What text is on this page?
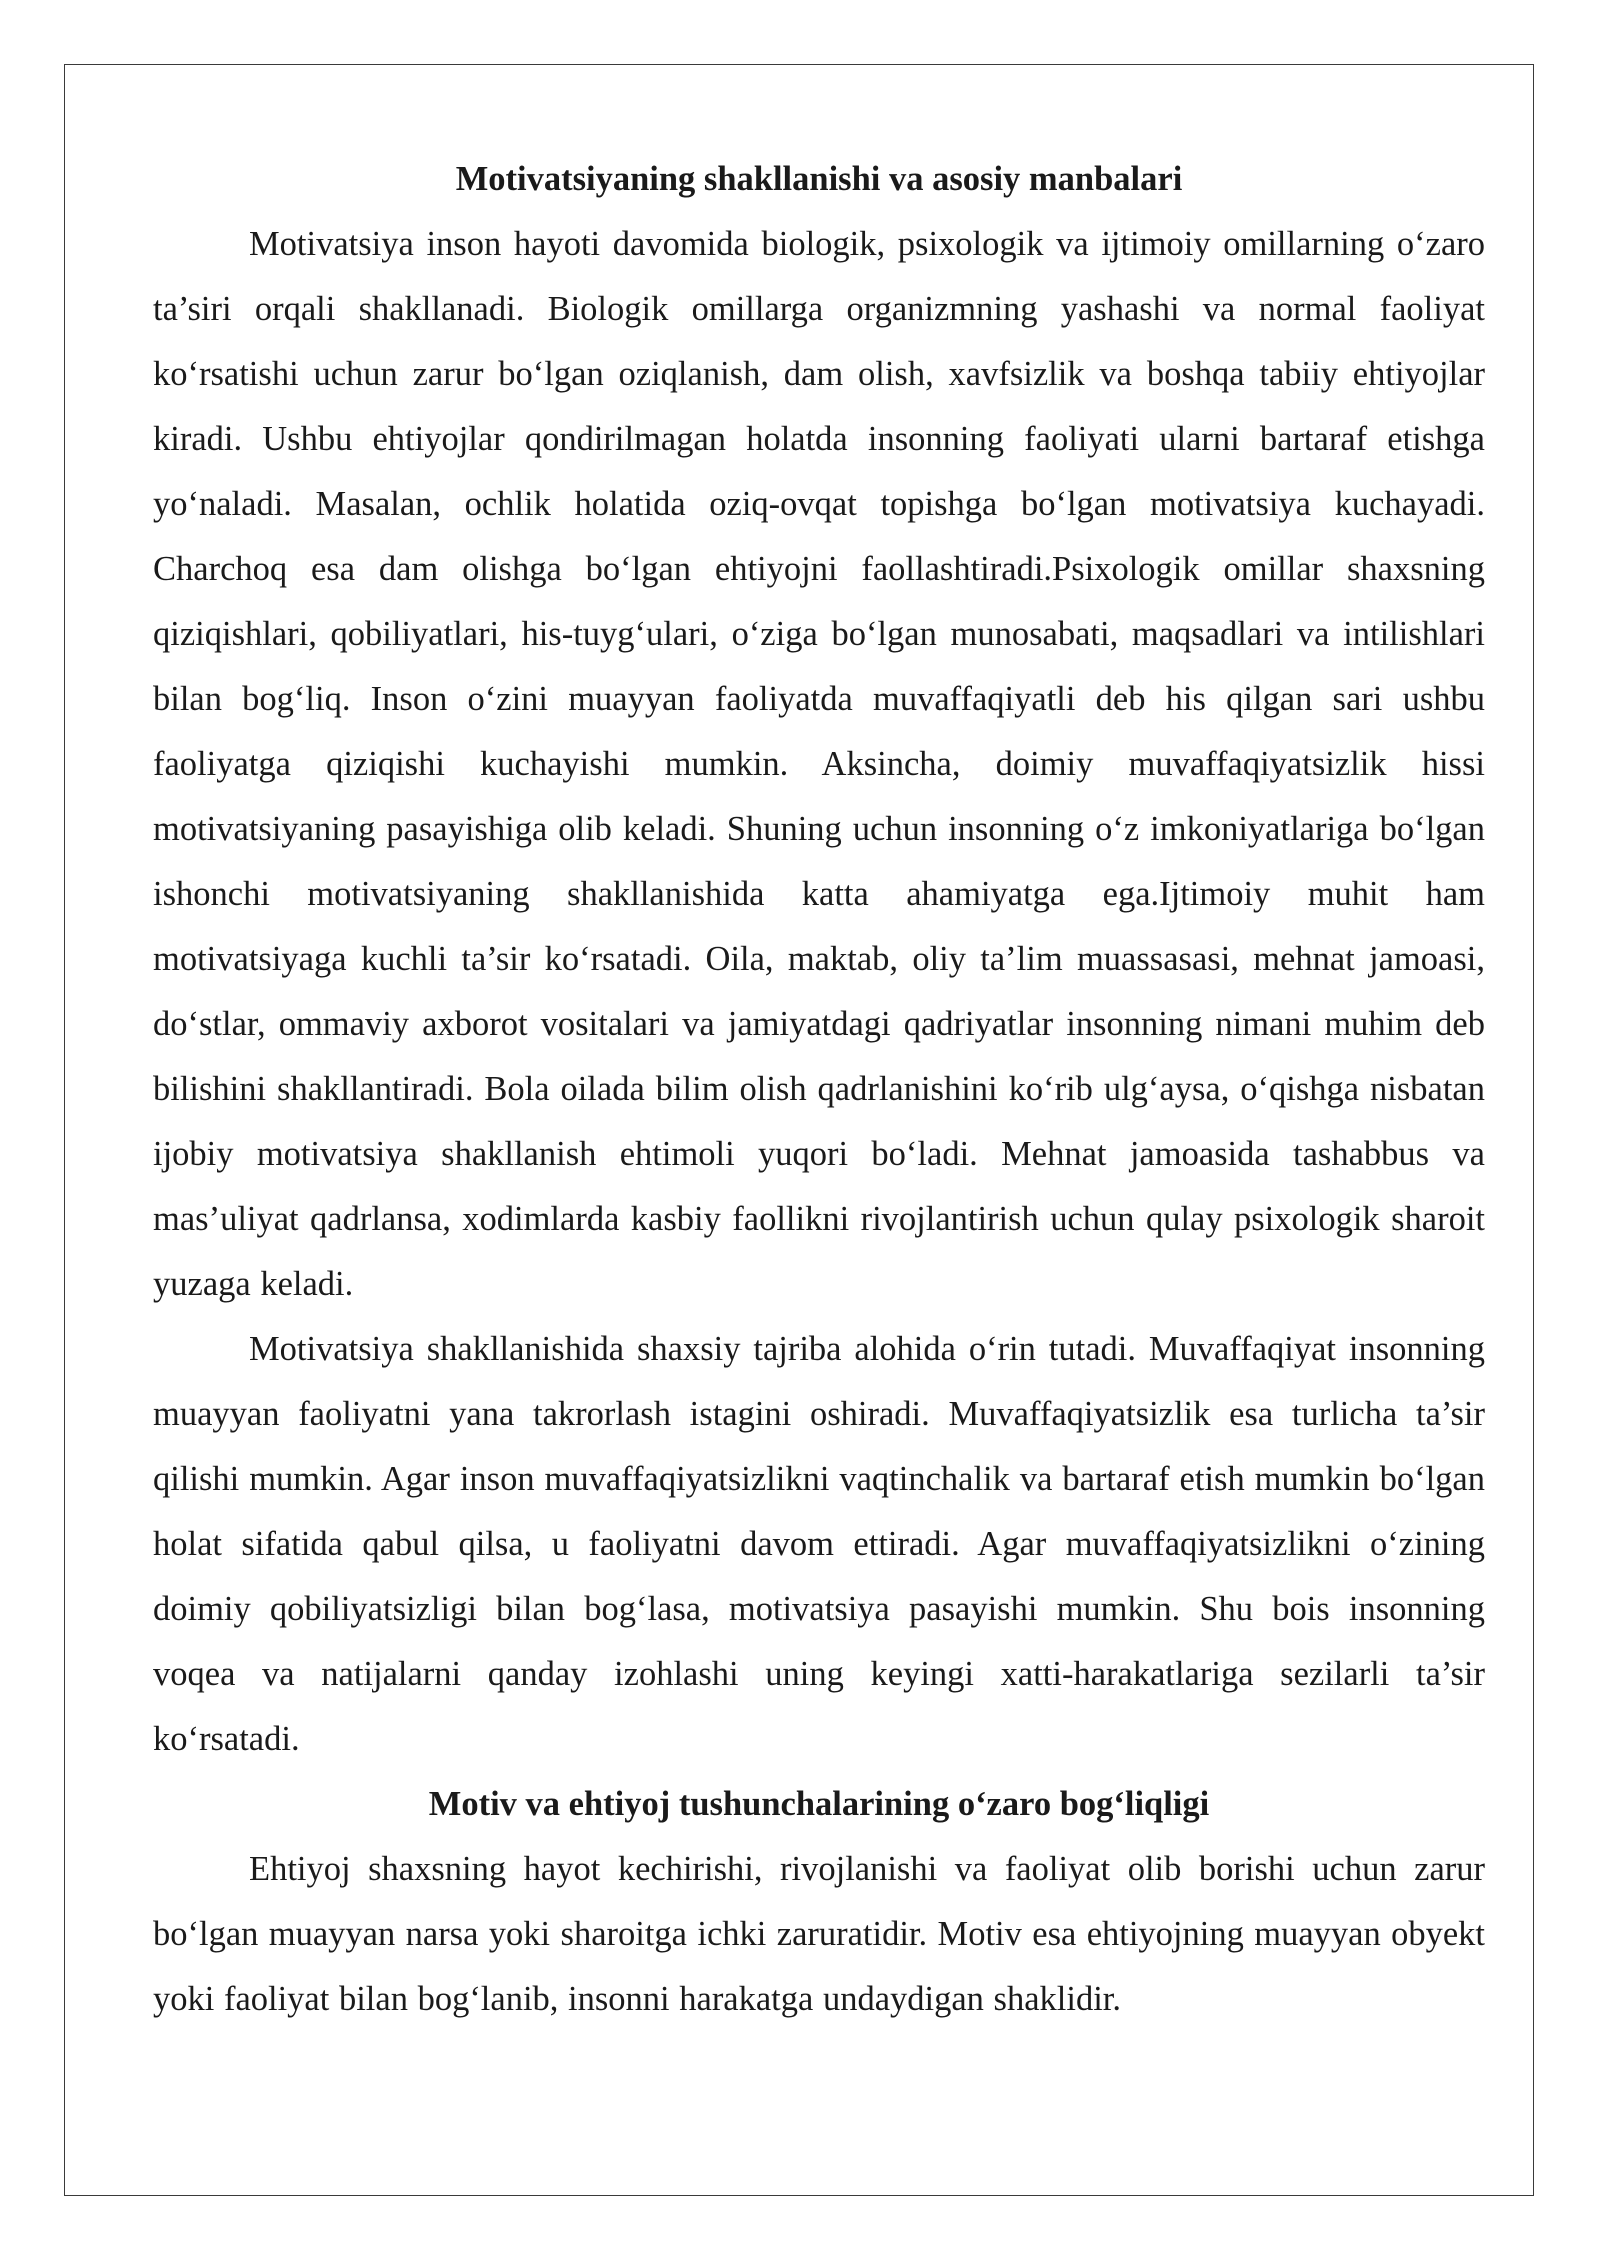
Motivatsiyaning shakllanishi va asosiy manbalari

Motivatsiya inson hayoti davomida biologik, psixologik va ijtimoiy omillarning o‘zaro ta’siri orqali shakllanadi. Biologik omillarga organizmning yashashi va normal faoliyat ko‘rsatishi uchun zarur bo‘lgan oziqlanish, dam olish, xavfsizlik va boshqa tabiiy ehtiyojlar kiradi. Ushbu ehtiyojlar qondirilmagan holatda insonning faoliyati ularni bartaraf etishga yo‘naladi. Masalan, ochlik holatida oziq-ovqat topishga bo‘lgan motivatsiya kuchayadi. Charchoq esa dam olishga bo‘lgan ehtiyojni faollashtiradi.Psixologik omillar shaxsning qiziqishlari, qobiliyatlari, his-tuyg‘ulari, o‘ziga bo‘lgan munosabati, maqsadlari va intilishlari bilan bog‘liq. Inson o‘zini muayyan faoliyatda muvaffaqiyatli deb his qilgan sari ushbu faoliyatga qiziqishi kuchayishi mumkin. Aksincha, doimiy muvaffaqiyatsizlik hissi motivatsiyaning pasayishiga olib keladi. Shuning uchun insonning o‘z imkoniyatlariga bo‘lgan ishonchi motivatsiyaning shakllanishida katta ahamiyatga ega.Ijtimoiy muhit ham motivatsiyaga kuchli ta’sir ko‘rsatadi. Oila, maktab, oliy ta’lim muassasasi, mehnat jamoasi, do‘stlar, ommaviy axborot vositalari va jamiyatdagi qadriyatlar insonning nimani muhim deb bilishini shakllantiradi. Bola oilada bilim olish qadrlanishini ko‘rib ulg‘aysa, o‘qishga nisbatan ijobiy motivatsiya shakllanish ehtimoli yuqori bo‘ladi. Mehnat jamoasida tashabbus va mas’uliyat qadrlansa, xodimlarda kasbiy faollikni rivojlantirish uchun qulay psixologik sharoit yuzaga keladi.

Motivatsiya shakllanishida shaxsiy tajriba alohida o‘rin tutadi. Muvaffaqiyat insonning muayyan faoliyatni yana takrorlash istagini oshiradi. Muvaffaqiyatsizlik esa turlicha ta’sir qilishi mumkin. Agar inson muvaffaqiyatsizlikni vaqtinchalik va bartaraf etish mumkin bo‘lgan holat sifatida qabul qilsa, u faoliyatni davom ettiradi. Agar muvaffaqiyatsizlikni o‘zining doimiy qobiliyatsizligi bilan bog‘lasa, motivatsiya pasayishi mumkin. Shu bois insonning voqea va natijalarni qanday izohlashi uning keyingi xatti-harakatlariga sezilarli ta’sir ko‘rsatadi.

Motiv va ehtiyoj tushunchalarining o‘zaro bog‘liqligi

Ehtiyoj shaxsning hayot kechirishi, rivojlanishi va faoliyat olib borishi uchun zarur bo‘lgan muayyan narsa yoki sharoitga ichki zaruratidir. Motiv esa ehtiyojning muayyan obyekt yoki faoliyat bilan bog‘lanib, insonni harakatga undaydigan shaklidir.
